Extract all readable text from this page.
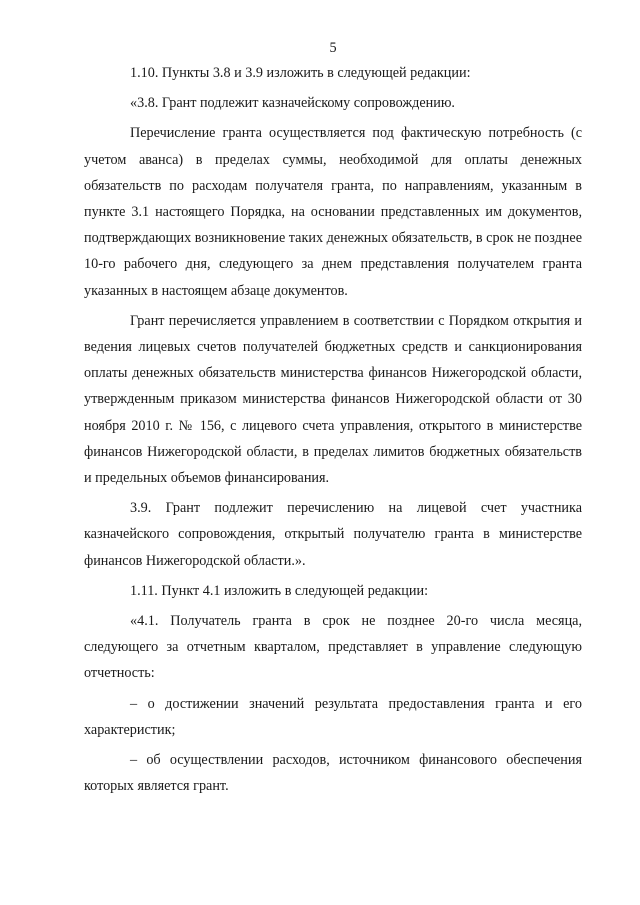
5

1.10. Пункты 3.8 и 3.9 изложить в следующей редакции:

«3.8. Грант подлежит казначейскому сопровождению.

Перечисление гранта осуществляется под фактическую потребность (с учетом аванса) в пределах суммы, необходимой для оплаты денежных обязательств по расходам получателя гранта, по направлениям, указанным в пункте 3.1 настоящего Порядка, на основании представленных им документов, подтверждающих возникновение таких денежных обязательств, в срок не позднее 10-го рабочего дня, следующего за днем представления получателем гранта указанных в настоящем абзаце документов.

Грант перечисляется управлением в соответствии с Порядком открытия и ведения лицевых счетов получателей бюджетных средств и санкционирования оплаты денежных обязательств министерства финансов Нижегородской области, утвержденным приказом министерства финансов Нижегородской области от 30 ноября 2010 г. № 156, с лицевого счета управления, открытого в министерстве финансов Нижегородской области, в пределах лимитов бюджетных обязательств и предельных объемов финансирования.

3.9. Грант подлежит перечислению на лицевой счет участника казначейского сопровождения, открытый получателю гранта в министерстве финансов Нижегородской области.».

1.11. Пункт 4.1 изложить в следующей редакции:

«4.1. Получатель гранта в срок не позднее 20-го числа месяца, следующего за отчетным кварталом, представляет в управление следующую отчетность:

– о достижении значений результата предоставления гранта и его характеристик;

– об осуществлении расходов, источником финансового обеспечения которых является грант.
